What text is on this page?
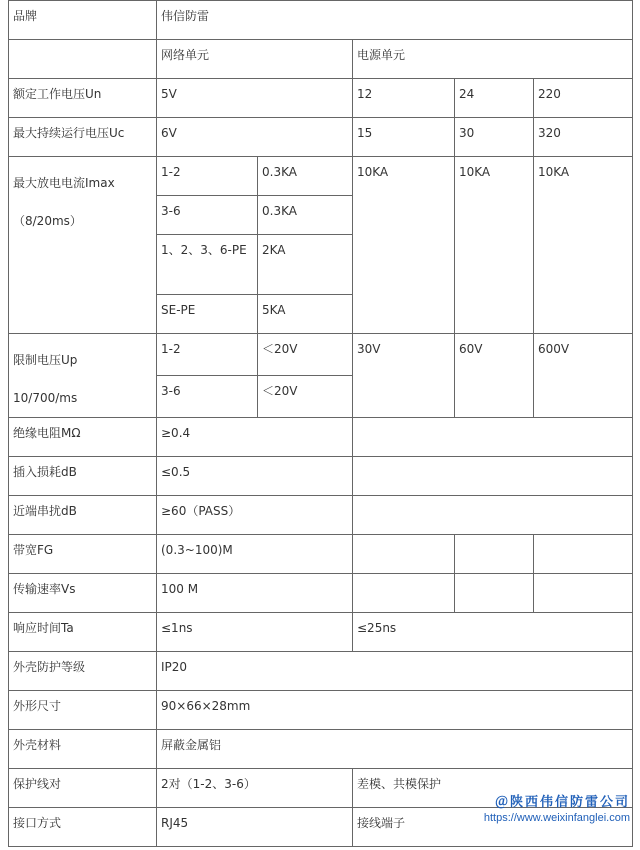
品牌	伟信防雷				
	网络单元		电源单元		
额定工作电压Un	5V		12	24	220
最大持续运行电压Uc	6V		15	30	320

最大放电电流Imax
（8/20ms）	1-2	0.3KA	10KA	10KA	10KA
	3-6	0.3KA			
	1、2、3、6-PE	2KA			
	SE-PE	5KA			

限制电压Up
10/700/ms	1-2	＜20V	30V	60V	600V
	3-6	＜20V			
绝缘电阻MΩ	≥0.4				
插入损耗dB	≤0.5				
近端串扰dB	≥60（PASS）				
带宽FG	(0.3~100)M				
传输速率Vs	100 M				
响应时间Ta	≤1ns		≤25ns		
外壳防护等级	IP20				
外形尺寸	90×66×28mm				
外壳材料	屏蔽金属铝				
保护线对	2对（1-2、3-6）		差模、共模保护		
接口方式	RJ45		接线端子		
＠陕西伟信防雷公司
https://www.weixinfanglei.com
